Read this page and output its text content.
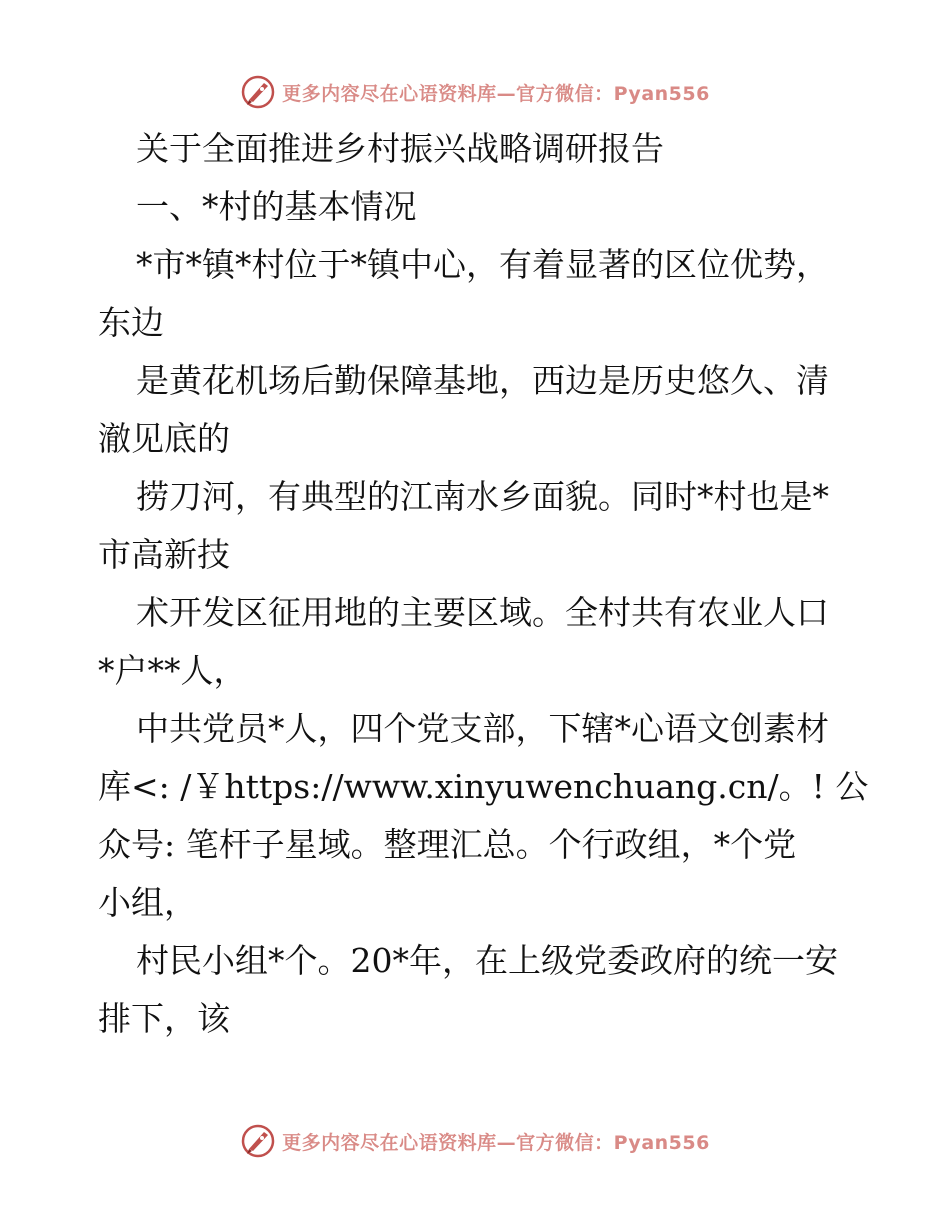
更多内容尽在心语资料库—官方微信：Pyan556
关于全面推进乡村振兴战略调研报告
一、*村的基本情况
*市*镇*村位于*镇中心，有着显著的区位优势，
东边
是黄花机场后勤保障基地，西边是历史悠久、清
澈见底的
捞刀河，有典型的江南水乡面貌。同时*村也是*
市高新技
术开发区征用地的主要区域。全村共有农业人口
*户**人，
中共党员*人，四个党支部，下辖*心语文创素材
库<: /￥https://www.xinyuwenchuang.cn/。! 公
众号: 笔杆子星域。整理汇总。个行政组，*个党
小组，
村民小组*个。20*年，在上级党委政府的统一安
排下，该
更多内容尽在心语资料库—官方微信：Pyan556
